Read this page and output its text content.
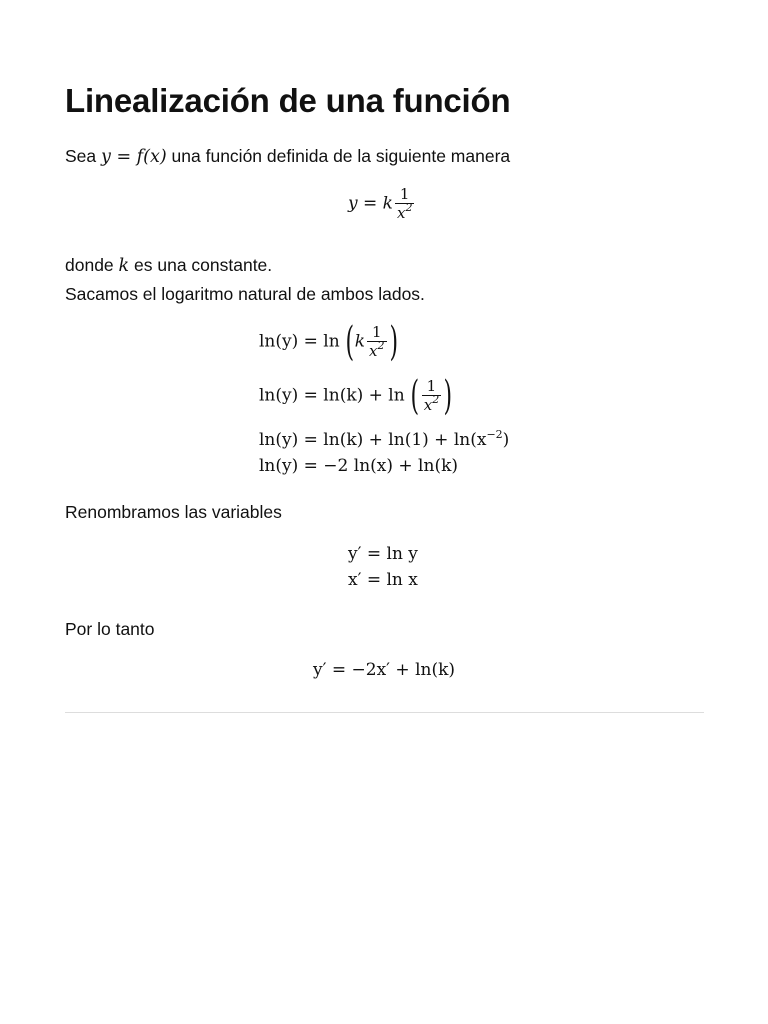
Linealización de una función

Sea y = f(x) una función definida de la siguiente manera

y = k $\frac{1}{x^2}$

donde k es una constante.

Sacamos el logaritmo natural de ambos lados.

$\ln(y) = \ln (k \frac{1}{x^2}$ )
ln(y) = ln(k) + ln ( $\frac{1}{x^2}$ )
$\ln(y) = \ln(k) + \ln(1) + \ln(x^{-2})$
ln(y) = −2 ln(x) + ln(k)

Renombramos las variables

y′ = ln y
x′ = ln x

Por lo tanto

y′ = −2x′ + ln(k)
